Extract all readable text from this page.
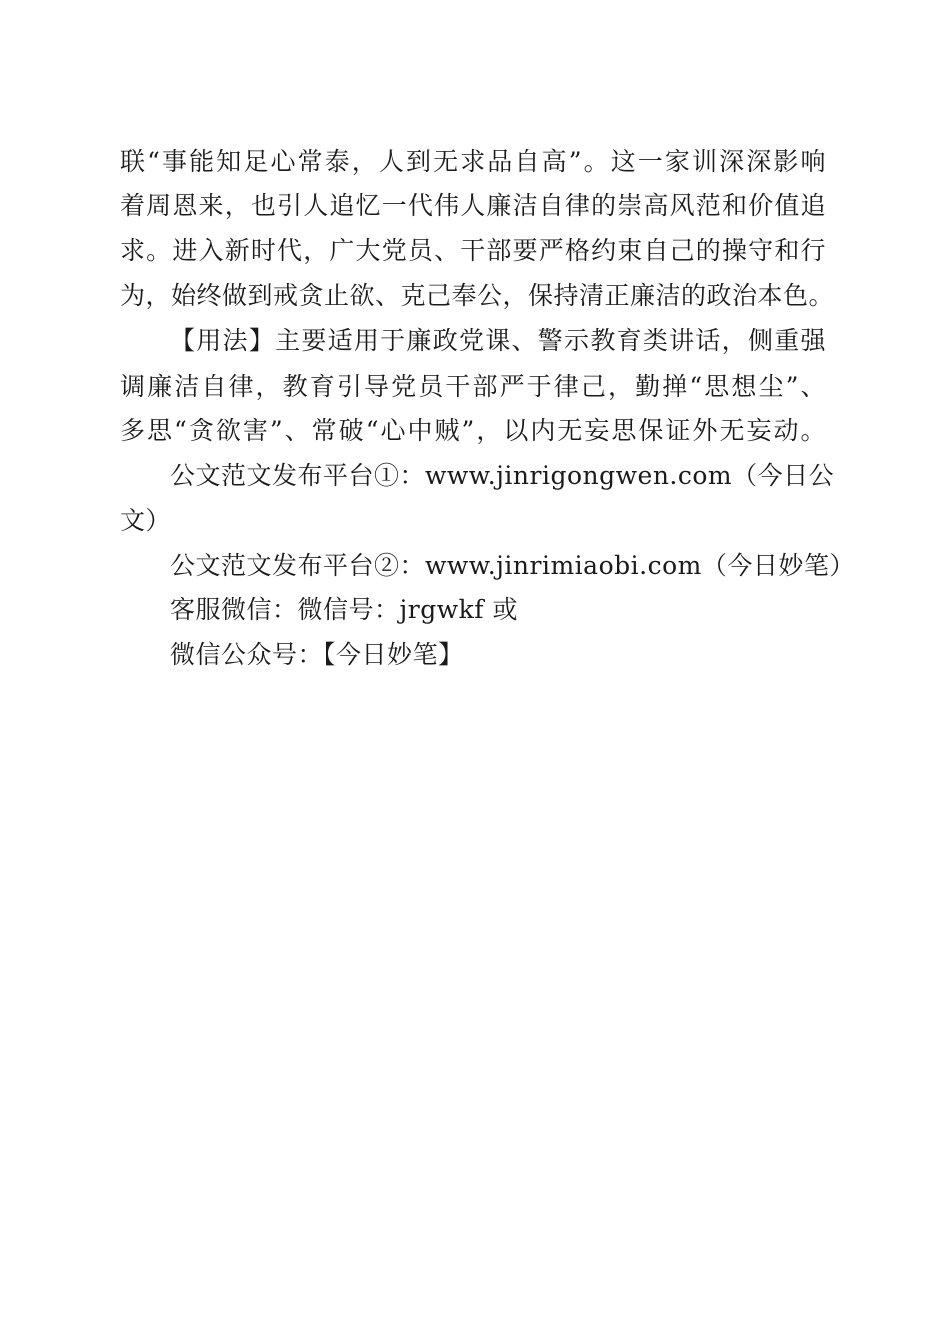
联“事能知足心常泰，人到无求品自高”。这一家训深深影响
着周恩来，也引人追忆一代伟人廉洁自律的崇高风范和价值追
求。进入新时代，广大党员、干部要严格约束自己的操守和行
为，始终做到戒贪止欲、克己奉公，保持清正廉洁的政治本色。
【用法】主要适用于廉政党课、警示教育类讲话，侧重强
调廉洁自律，教育引导党员干部严于律己，勤掸“思想尘”、
多思“贪欲害”、常破“心中贼”，以内无妄思保证外无妄动。
公文范文发布平台①：www.jinrigongwen.com（今日公
文）
公文范文发布平台②：www.jinrimiaobi.com（今日妙笔）
客服微信：微信号：jrgwkf 或
微信公众号：【今日妙笔】
